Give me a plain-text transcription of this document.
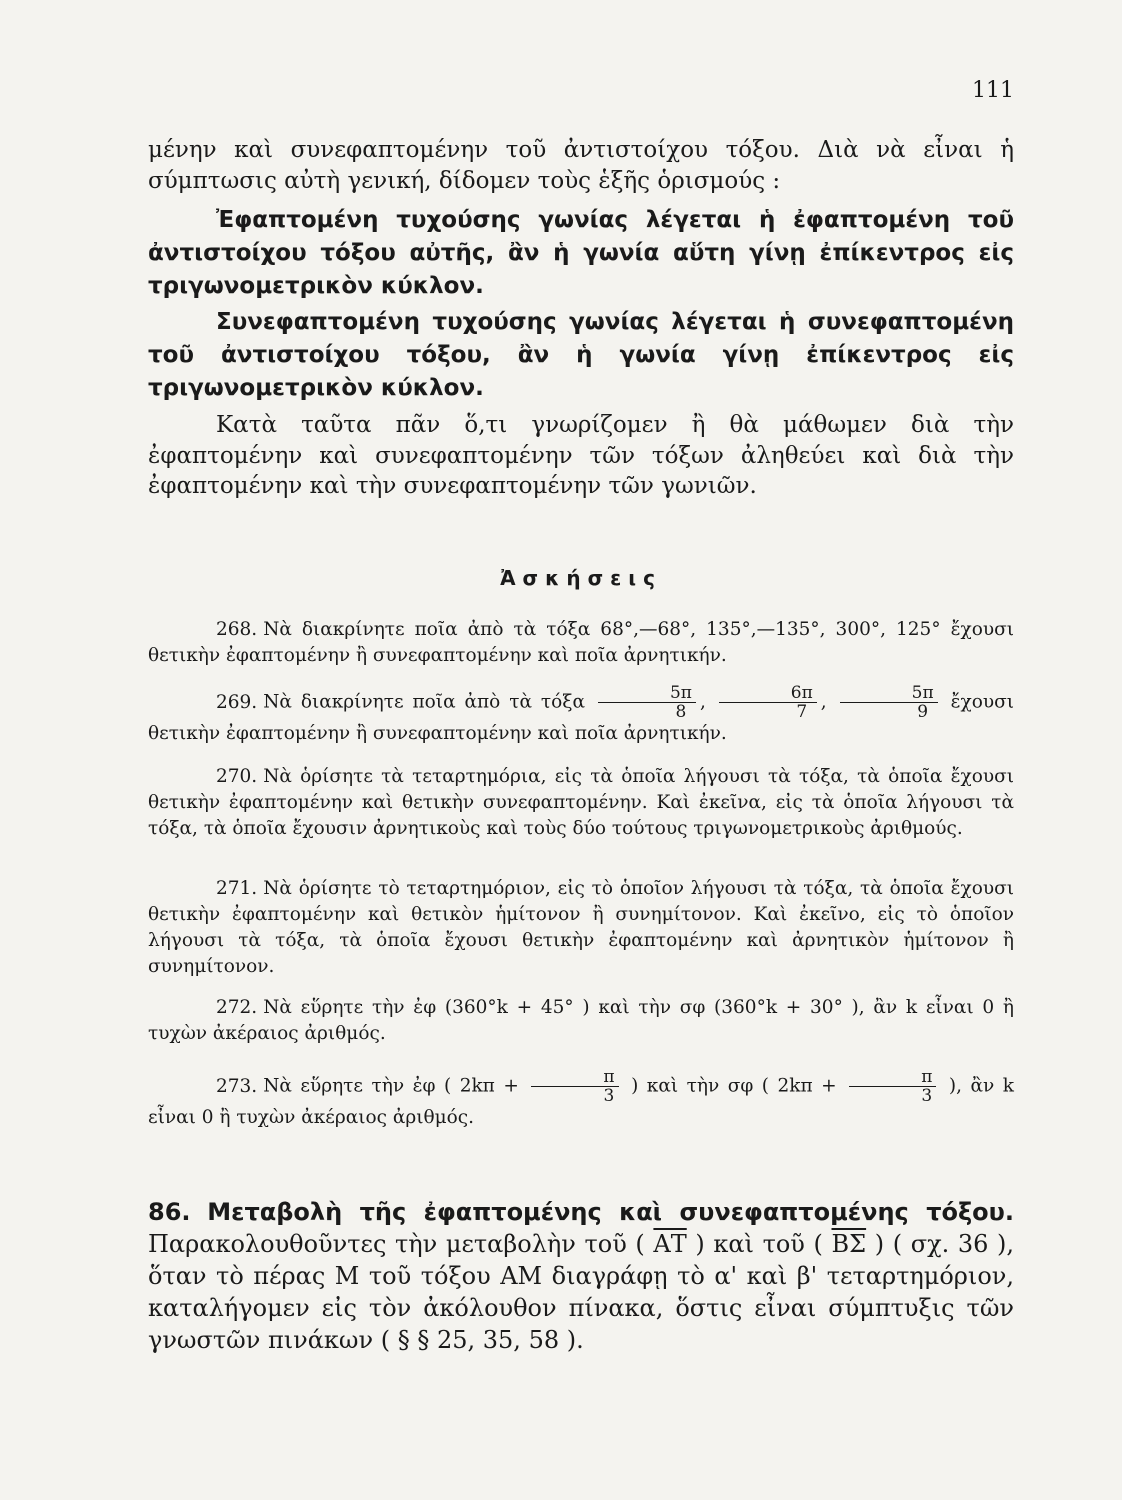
111

μένην καὶ συνεφαπτομένην τοῦ ἀντιστοίχου τόξου. Διὰ νὰ εἶναι ἡ σύμπτωσις αὐτὴ γενική, δίδομεν τοὺς ἑξῆς ὁρισμούς :

Ἐφαπτομένη τυχούσης γωνίας λέγεται ἡ ἐφαπτομένη τοῦ ἀντιστοίχου τόξου αὐτῆς, ἂν ἡ γωνία αὕτη γίνῃ ἐπίκεντρος εἰς τριγωνομετρικὸν κύκλον.

Συνεφαπτομένη τυχούσης γωνίας λέγεται ἡ συνεφαπτομένη τοῦ ἀντιστοίχου τόξου, ἂν ἡ γωνία γίνῃ ἐπίκεντρος εἰς τριγωνομετρικὸν κύκλον.

Κατὰ ταῦτα πᾶν ὅ,τι γνωρίζομεν ἢ θὰ μάθωμεν διὰ τὴν ἐφαπτομένην καὶ συνεφαπτομένην τῶν τόξων ἀληθεύει καὶ διὰ τὴν ἐφαπτομένην καὶ τὴν συνεφαπτομένην τῶν γωνιῶν.

Ἀσκήσεις

268. Νὰ διακρίνητε ποῖα ἀπὸ τὰ τόξα 68°,—68°, 135°,—135°, 300°, 125° ἔχουσι θετικὴν ἐφαπτομένην ἢ συνεφαπτομένην καὶ ποῖα ἀρνητικήν.

269. Νὰ διακρίνητε ποῖα ἀπὸ τὰ τόξα $\frac{5\pi}{8}$ , $\frac{6\pi}{7}$ , $\frac{5\pi}{9}$ ἔχουσι θετικὴν ἐφαπτομένην ἢ συνεφαπτομένην καὶ ποῖα ἀρνητικήν.

270. Νὰ ὁρίσητε τὰ τεταρτημόρια, εἰς τὰ ὁποῖα λήγουσι τὰ τόξα, τὰ ὁποῖα ἔχουσι θετικὴν ἐφαπτομένην καὶ θετικὴν συνεφαπτομένην. Καὶ ἐκεῖνα, εἰς τὰ ὁποῖα λήγουσι τὰ τόξα, τὰ ὁποῖα ἔχουσιν ἀρνητικοὺς καὶ τοὺς δύο τούτους τριγωνομετρικοὺς ἀριθμούς.

271. Νὰ ὁρίσητε τὸ τεταρτημόριον, εἰς τὸ ὁποῖον λήγουσι τὰ τόξα, τὰ ὁποῖα ἔχουσι θετικὴν ἐφαπτομένην καὶ θετικὸν ἡμίτονον ἢ συνημίτονον. Καὶ ἐκεῖνο, εἰς τὸ ὁποῖον λήγουσι τὰ τόξα, τὰ ὁποῖα ἔχουσι θετικὴν ἐφαπτομένην καὶ ἀρνητικὸν ἡμίτονον ἢ συνημίτονον.

272. Νὰ εὕρητε τὴν ἐφ (360°k + 45° ) καὶ τὴν σφ (360°k + 30° ), ἂν k εἶναι 0 ἢ τυχὼν ἀκέραιος ἀριθμός.

273. Νὰ εὕρητε τὴν ἐφ ( $2k\pi + \frac{\pi}{3}$ ) καὶ τὴν σφ ( $2k\pi + \frac{\pi}{3}$ ), ἂν k εἶναι 0 ἢ τυχὼν ἀκέραιος ἀριθμός.

86. Μεταβολὴ τῆς ἐφαπτομένης καὶ συνεφαπτομένης τόξου. Παρακολουθοῦντες τὴν μεταβολὴν τοῦ ( $\overline{AT}$ ) καὶ τοῦ ( $\overline{B\Sigma}$ ) ( σχ. 36 ), ὅταν τὸ πέρας Μ τοῦ τόξου ΑΜ διαγράφῃ τὸ α' καὶ β' τεταρτημόριον, καταλήγομεν εἰς τὸν ἀκόλουθον πίνακα, ὅστις εἶναι σύμπτυξις τῶν γνωστῶν πινάκων ( § § 25, 35, 58 ).
